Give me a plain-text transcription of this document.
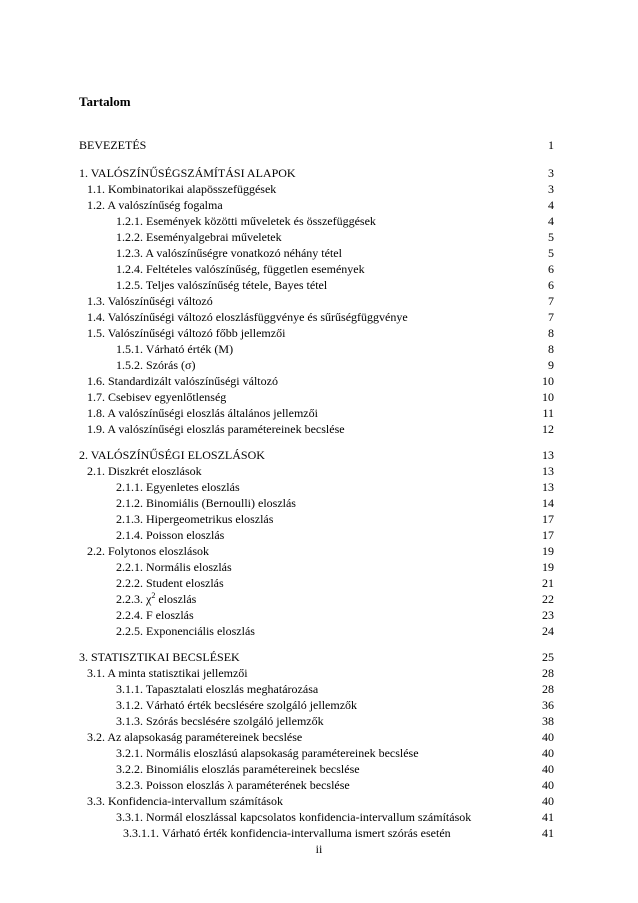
Tartalom
BEVEZETÉS	1
1. VALÓSZÍNŰSÉGSZÁMÍTÁSI ALAPOK	3
1.1. Kombinatorikai alapösszefüggések	3
1.2. A valószínűség fogalma	4
1.2.1. Események közötti műveletek és összefüggések	4
1.2.2. Eseményalgebrai műveletek	5
1.2.3. A valószínűségre vonatkozó néhány tétel	5
1.2.4. Feltételes valószínűség, független események	6
1.2.5. Teljes valószínűség tétele, Bayes tétel	6
1.3. Valószínűségi változó	7
1.4. Valószínűségi változó eloszlásfüggvénye és sűrűségfüggvénye	7
1.5. Valószínűségi változó főbb jellemzői	8
1.5.1. Várható érték (M)	8
1.5.2. Szórás (σ)	9
1.6. Standardizált valószínűségi változó	10
1.7. Csebisev egyenlőtlenség	10
1.8. A valószínűségi eloszlás általános jellemzői	11
1.9. A valószínűségi eloszlás paramétereinek becslése	12
2. VALÓSZÍNŰSÉGI ELOSZLÁSOK	13
2.1. Diszkrét eloszlások	13
2.1.1. Egyenletes eloszlás	13
2.1.2. Binomiális (Bernoulli) eloszlás	14
2.1.3. Hipergeometrikus eloszlás	17
2.1.4. Poisson eloszlás	17
2.2. Folytonos eloszlások	19
2.2.1. Normális eloszlás	19
2.2.2. Student eloszlás	21
2.2.3. $\chi^2$ eloszlás	22
2.2.4. F eloszlás	23
2.2.5. Exponenciális eloszlás	24
3. STATISZTIKAI BECSLÉSEK	25
3.1. A minta statisztikai jellemzői	28
3.1.1. Tapasztalati eloszlás meghatározása	28
3.1.2. Várható érték becslésére szolgáló jellemzők	36
3.1.3. Szórás becslésére szolgáló jellemzők	38
3.2. Az alapsokaság paramétereinek becslése	40
3.2.1. Normális eloszlású alapsokaság paramétereinek becslése	40
3.2.2. Binomiális eloszlás paramétereinek becslése	40
3.2.3. Poisson eloszlás λ paraméterének becslése	40
3.3. Konfidencia-intervallum számítások	40
3.3.1. Normál eloszlással kapcsolatos konfidencia-intervallum számítások	41
3.3.1.1. Várható érték konfidencia-intervalluma ismert szórás esetén	41
ii
